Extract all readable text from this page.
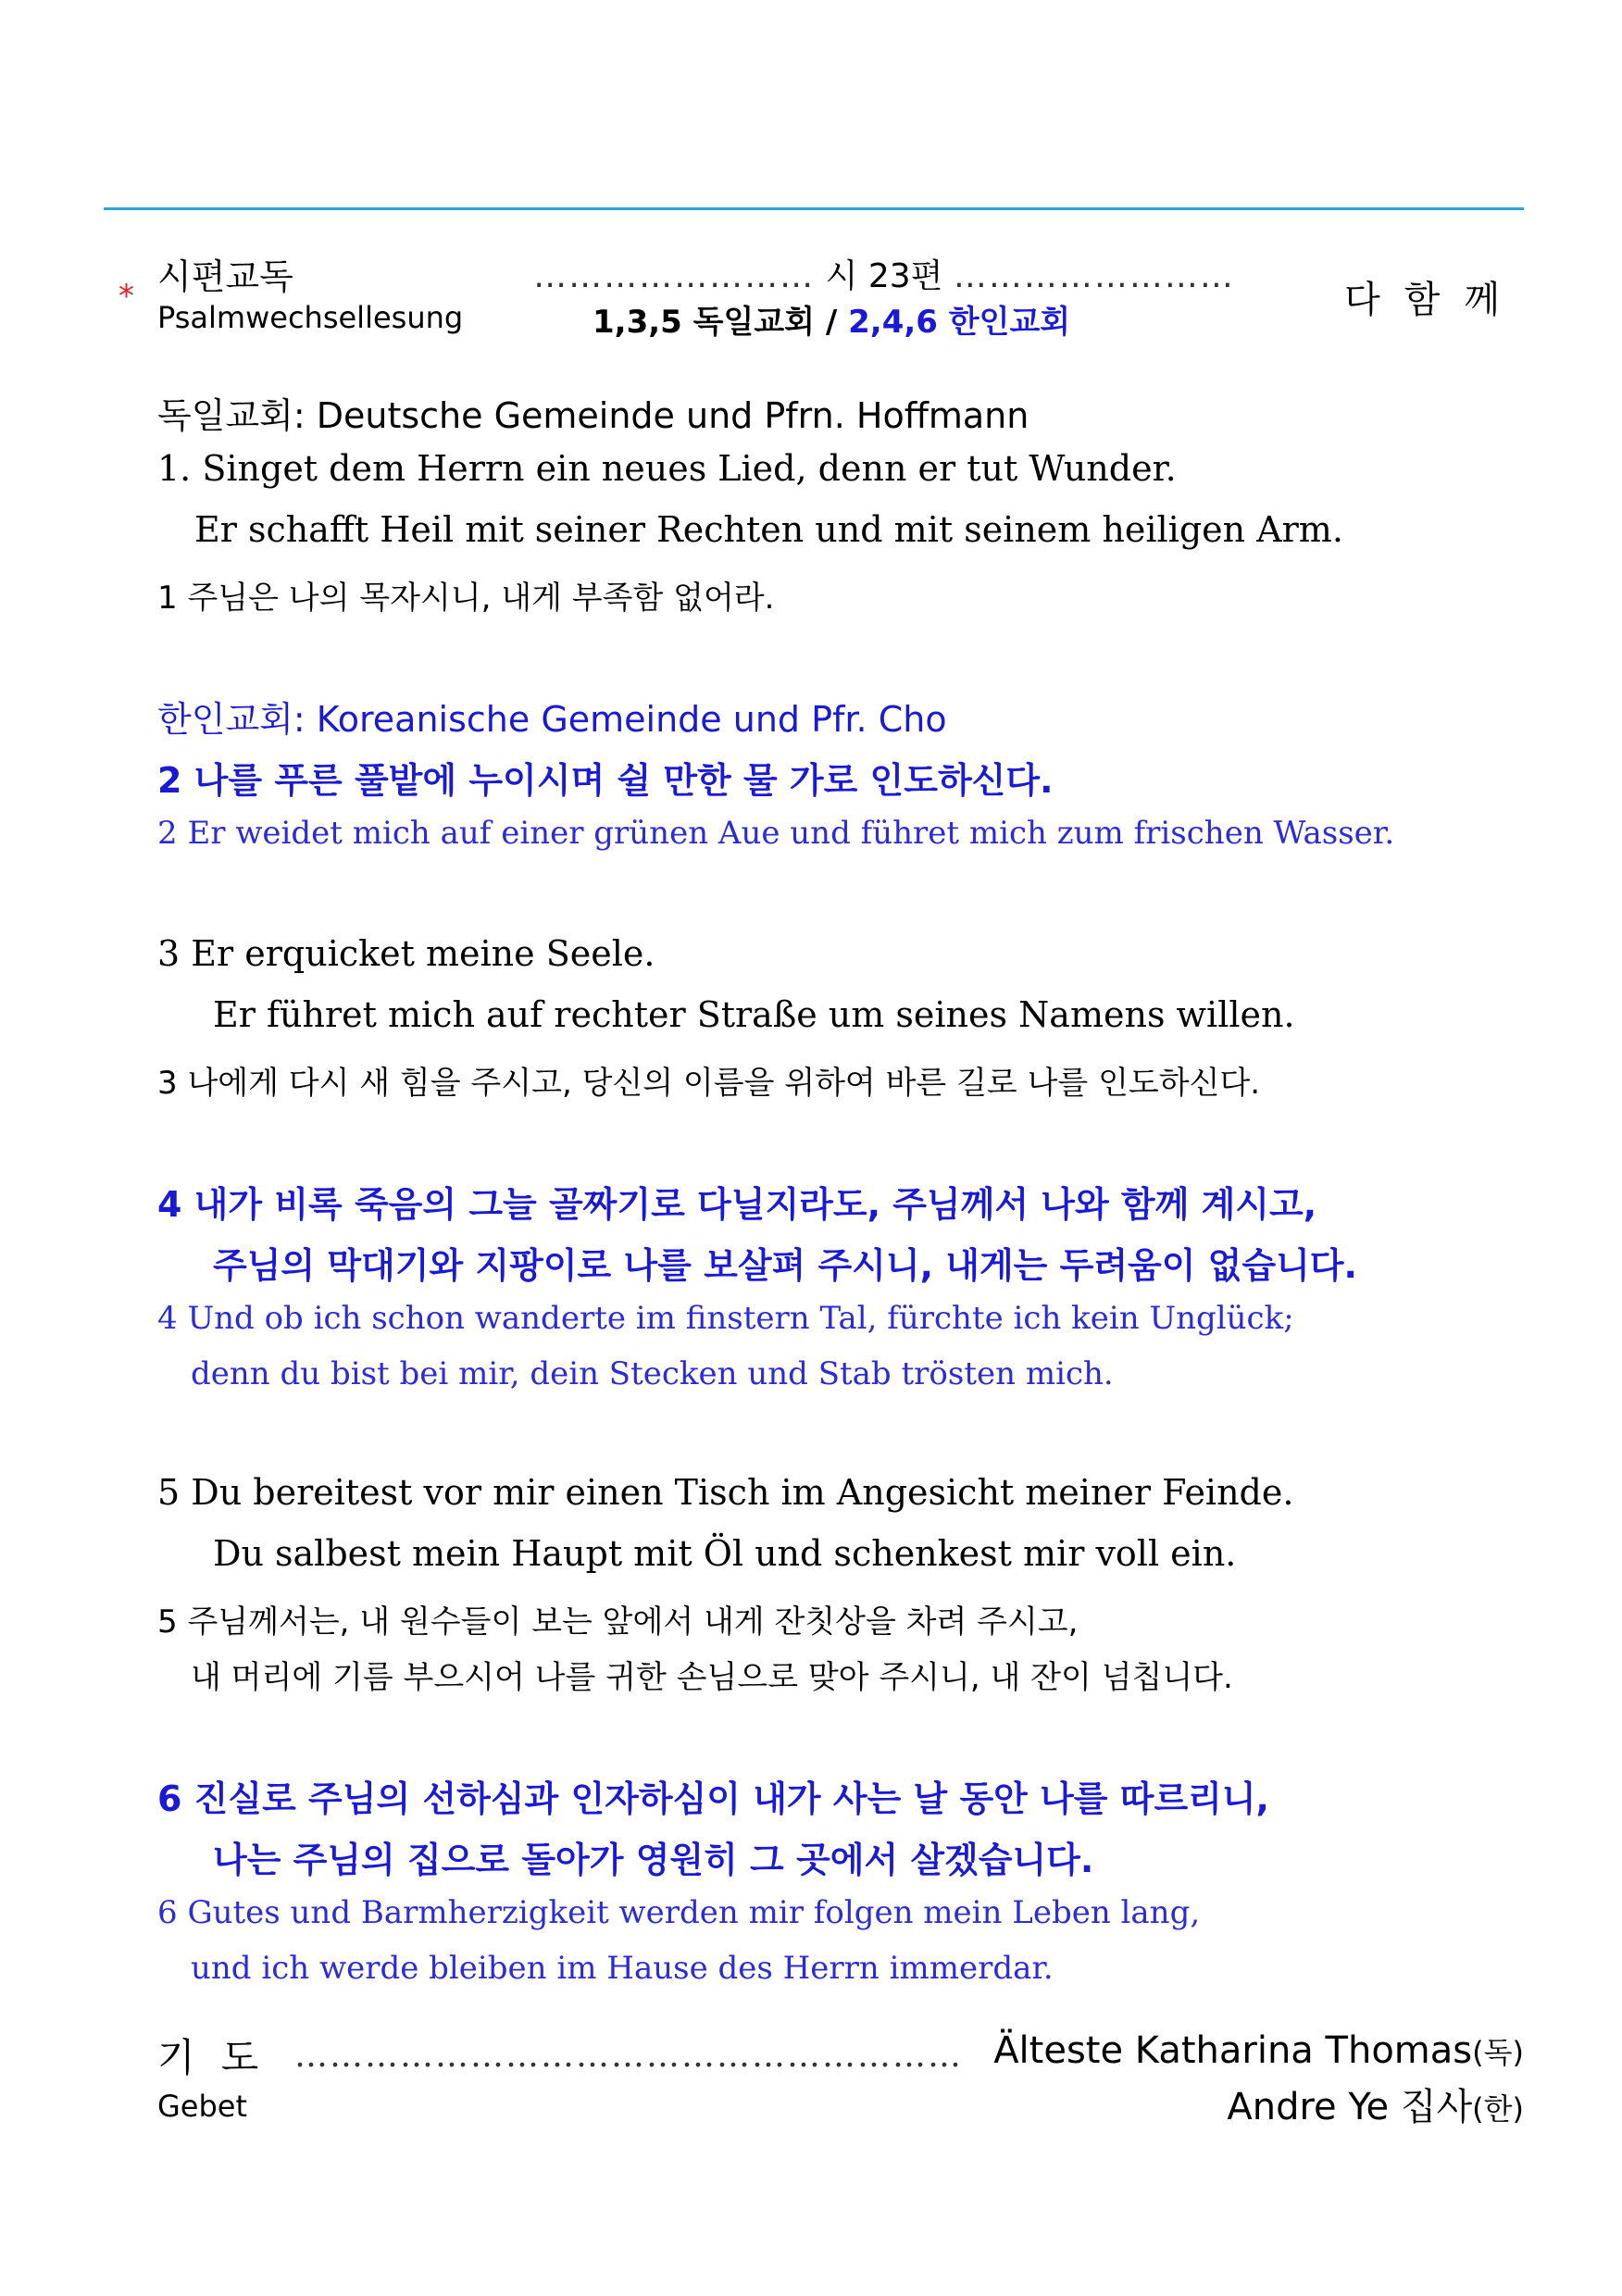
* 시편교독
Psalmwechsellesung
…………………… 시 23편 ……………………
1,3,5 독일교회 / 2,4,6 한인교회
다함께
독일교회: Deutsche Gemeinde und Pfrn. Hoffmann
1. Singet dem Herrn ein neues Lied, denn er tut Wunder.
Er schafft Heil mit seiner Rechten und mit seinem heiligen Arm.
1 주님은 나의 목자시니, 내게 부족함 없어라.
한인교회: Koreanische Gemeinde und Pfr. Cho
2 나를 푸른 풀밭에 누이시며 쉴 만한 물 가로 인도하신다.
2 Er weidet mich auf einer grünen Aue und führet mich zum frischen Wasser.
3 Er erquicket meine Seele.
Er führet mich auf rechter Straße um seines Namens willen.
3 나에게 다시 새 힘을 주시고, 당신의 이름을 위하여 바른 길로 나를 인도하신다.
4 내가 비록 죽음의 그늘 골짜기로 다닐지라도, 주님께서 나와 함께 계시고,
주님의 막대기와 지팡이로 나를 보살펴 주시니, 내게는 두려움이 없습니다.
4 Und ob ich schon wanderte im finstern Tal, fürchte ich kein Unglück;
denn du bist bei mir, dein Stecken und Stab trösten mich.
5 Du bereitest vor mir einen Tisch im Angesicht meiner Feinde.
Du salbest mein Haupt mit Öl und schenkest mir voll ein.
5 주님께서는, 내 원수들이 보는 앞에서 내게 잔칫상을 차려 주시고,
내 머리에 기름 부으시어 나를 귀한 손님으로 맞아 주시니, 내 잔이 넘칩니다.
6 진실로 주님의 선하심과 인자하심이 내가 사는 날 동안 나를 따르리니,
나는 주님의 집으로 돌아가 영원히 그 곳에서 살겠습니다.
6 Gutes und Barmherzigkeit werden mir folgen mein Leben lang,
und ich werde bleiben im Hause des Herrn immerdar.
기도
Gebet
………………………………………………… Älteste Katharina Thomas(독)
Andre Ye 집사(한)
